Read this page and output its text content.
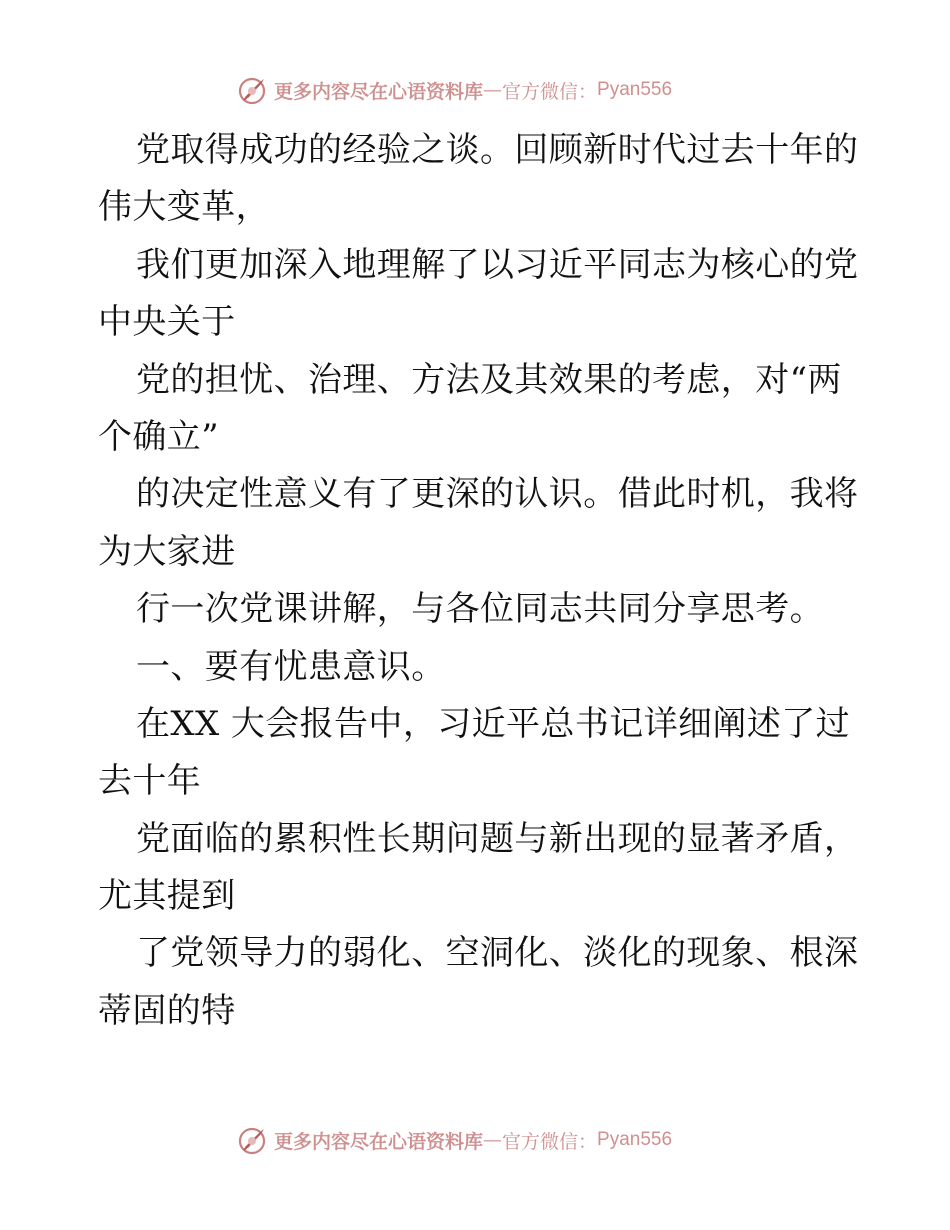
更多内容尽在心语资料库 — 官方微信： Pyan556
党取得成功的经验之谈。回顾新时代过去十年的
伟大变革，
我们更加深入地理解了以习近平同志为核心的党
中央关于
党的担忧、治理、方法及其效果的考虑，对“两
个确立”
的决定性意义有了更深的认识。借此时机，我将
为大家进
行一次党课讲解，与各位同志共同分享思考。
一、要有忧患意识。
在XX 大会报告中，习近平总书记详细阐述了过
去十年
党面临的累积性长期问题与新出现的显著矛盾，
尤其提到
了党领导力的弱化、空洞化、淡化的现象、根深
蒂固的特
更多内容尽在心语资料库 — 官方微信： Pyan556
